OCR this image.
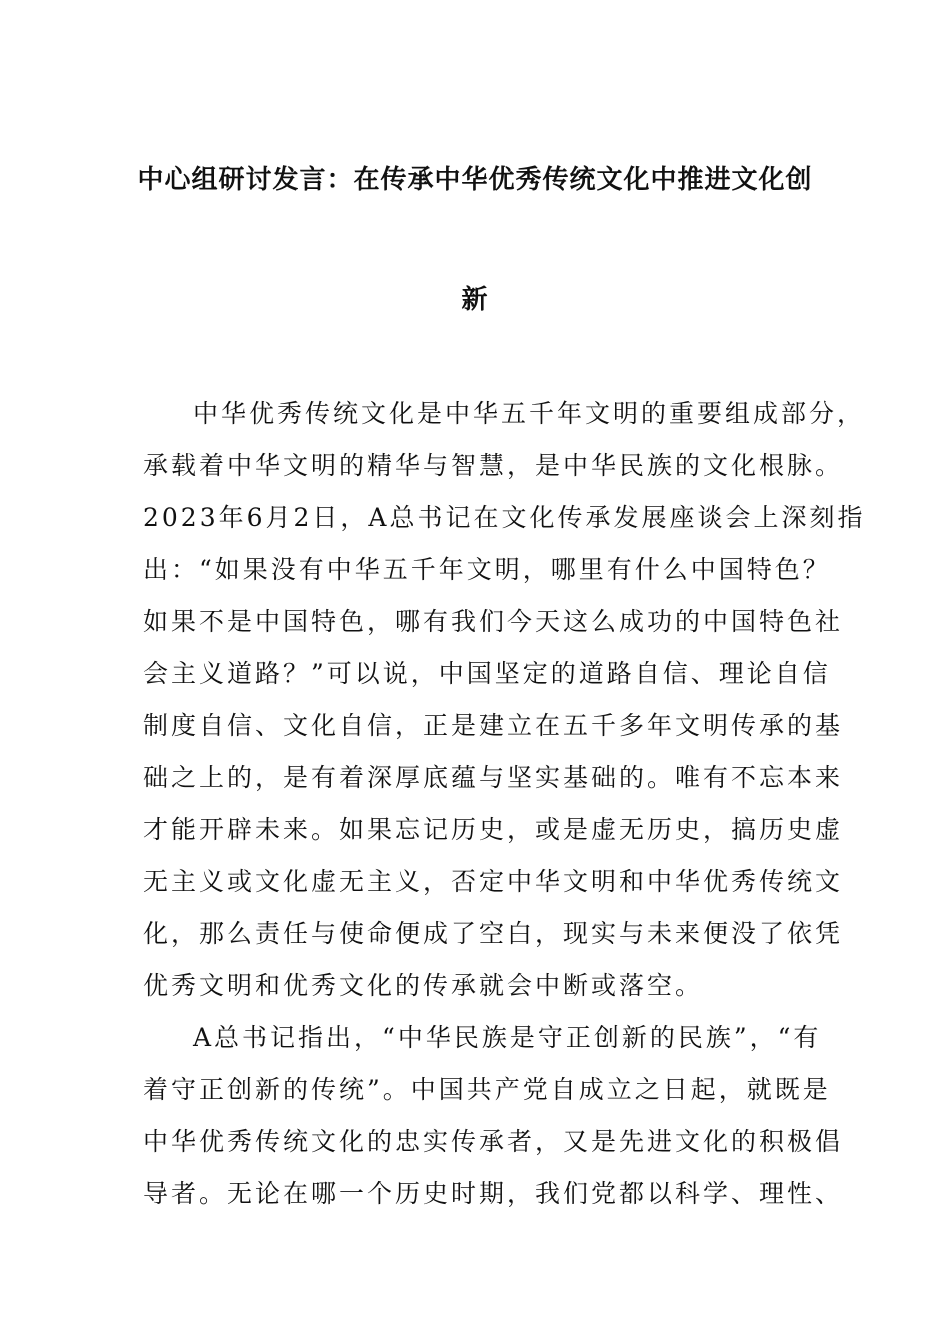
中心组研讨发言：在传承中华优秀传统文化中推进文化创
新
中华优秀传统文化是中华五千年文明的重要组成部分，
承载着中华文明的精华与智慧，是中华民族的文化根脉。
2023年6月2日，A总书记在文化传承发展座谈会上深刻指
出：“如果没有中华五千年文明，哪里有什么中国特色？
如果不是中国特色，哪有我们今天这么成功的中国特色社
会主义道路？”可以说，中国坚定的道路自信、理论自信
制度自信、文化自信，正是建立在五千多年文明传承的基
础之上的，是有着深厚底蕴与坚实基础的。唯有不忘本来
才能开辟未来。如果忘记历史，或是虚无历史，搞历史虚
无主义或文化虚无主义，否定中华文明和中华优秀传统文
化，那么责任与使命便成了空白，现实与未来便没了依凭
优秀文明和优秀文化的传承就会中断或落空。
A总书记指出，“中华民族是守正创新的民族”，“有
着守正创新的传统”。中国共产党自成立之日起，就既是
中华优秀传统文化的忠实传承者，又是先进文化的积极倡
导者。无论在哪一个历史时期，我们党都以科学、理性、
